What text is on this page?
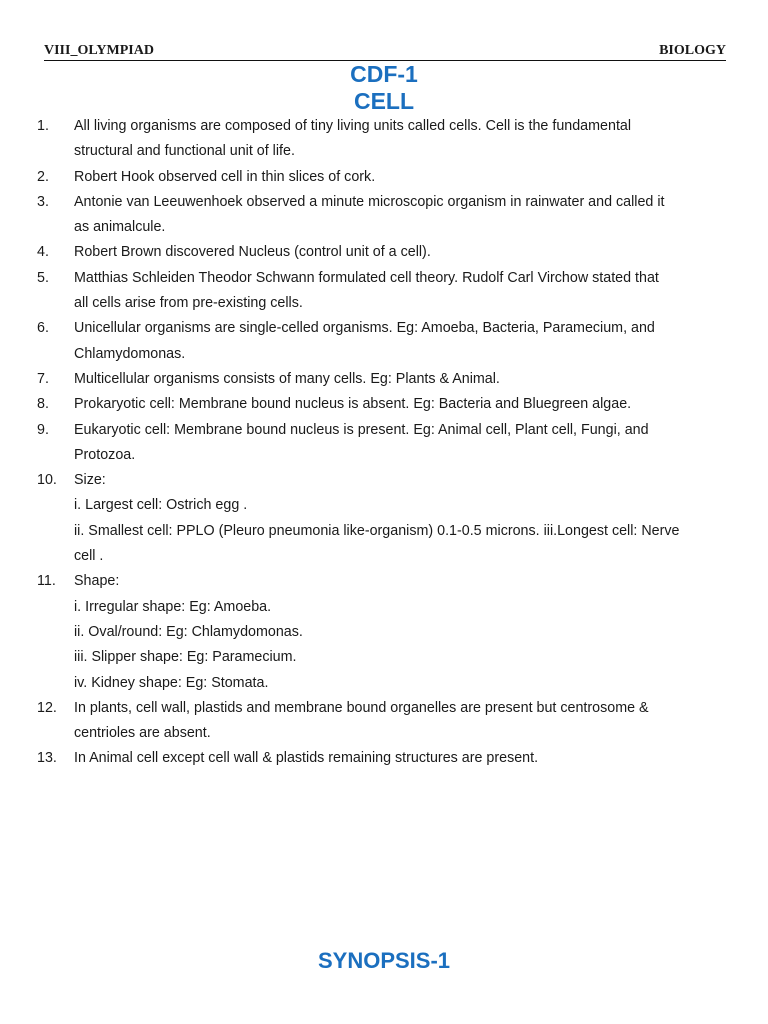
VIII_OLYMPIAD	BIOLOGY
CDF-1
CELL
1.	All living organisms are composed of tiny living units called cells. Cell is the fundamental
structural and functional unit of life.
2.	Robert Hook observed cell in thin slices of cork.
3.	Antonie van Leeuwenhoek observed a minute microscopic organism in rainwater and called it
as animalcule.
4.	Robert Brown discovered Nucleus (control unit of a cell).
5.	Matthias Schleiden Theodor Schwann formulated cell theory. Rudolf Carl Virchow stated that
all cells arise from pre-existing cells.
6.	Unicellular organisms are single-celled organisms. Eg: Amoeba, Bacteria, Paramecium, and
Chlamydomonas.
7.	Multicellular organisms consists of many cells. Eg: Plants & Animal.
8.	Prokaryotic cell: Membrane bound nucleus is absent. Eg: Bacteria and Bluegreen algae.
9.	Eukaryotic cell: Membrane bound nucleus is present. Eg: Animal cell, Plant cell, Fungi, and
Protozoa.
10.	Size:
i. Largest cell: Ostrich egg .
ii. Smallest cell: PPLO (Pleuro pneumonia like-organism) 0.1-0.5 microns. iii.Longest cell: Nerve
cell .
11.	Shape:
i. Irregular shape: Eg: Amoeba.
ii. Oval/round: Eg: Chlamydomonas.
iii. Slipper shape: Eg: Paramecium.
iv. Kidney shape: Eg: Stomata.
12.	In plants, cell wall, plastids and membrane bound organelles are present but centrosome &
centrioles are absent.
13.	In Animal cell except cell wall & plastids remaining structures are present.
SYNOPSIS-1
